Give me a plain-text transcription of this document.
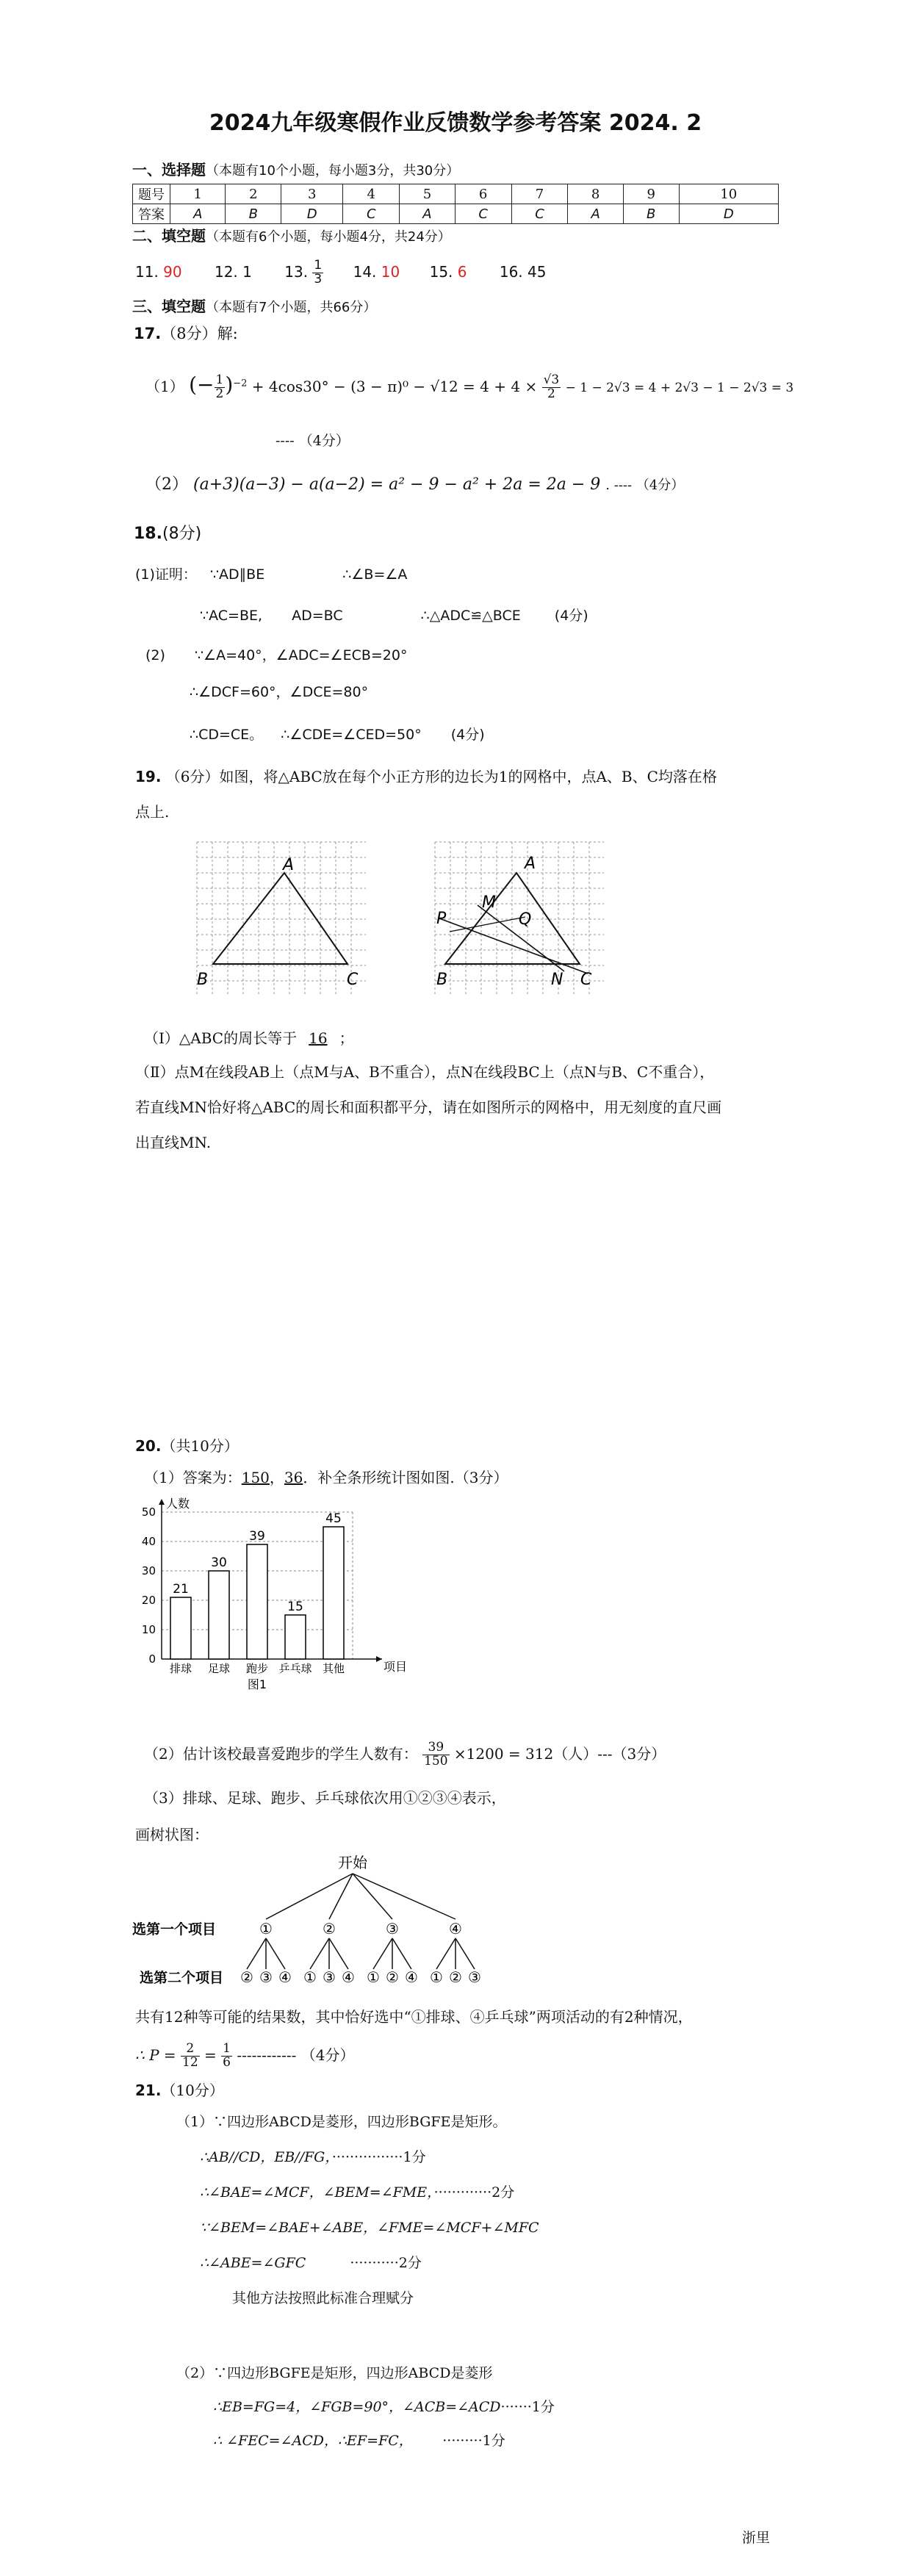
2024九年级寒假作业反馈数学参考答案 2024. 2
一、选择题（本题有10个小题，每小题3分，共30分）
题号	1	2	3	4	5	6	7	8	9	10
答案	A	B	D	C	A	C	C	A	B	D
二、填空题（本题有6个小题，每小题4分，共24分）
11. 90 12. 1 13. $\frac{1}{3} 14$. 10 15. 6 16. 45
三、填空题（本题有7个小题，共66分）
17.（8分）解:
（1） (− $\frac{1}{2} )^{-2} + 4\cos 30^\circ - (3 - \pi)^0 - √12 = 4 + 4 \times \frac{√3}{2} - 1 - 2√3 = 4 + 2√3 - 1 - 2√3 = 3$
---- （4分）
（2） (a+3)(a−3) − a(a−2) = a² − 9 − a² + 2a = 2a − 9 . ---- （4分）
18.(8分)
(1)证明： ∵AD∥BE	∴∠B=∠A
∵AC=BE, AD=BC	∴△ADC≌△BCE (4分)
(2) ∵∠A=40°，∠ADC=∠ECB=20°
∴∠DCF=60°，∠DCE=80°
∴CD=CE。 ∴∠CDE=∠CED=50° (4分)
19. （6分）如图，将△ABC放在每个小正方形的边长为1的网格中，点A、B、C均落在格
点上.
A
B	C
A
B	C
M
N
P	Q
（Ⅰ）△ABC的周长等于 16 ；
（Ⅱ）点M在线段AB上（点M与A、B不重合），点N在线段BC上（点N与B、C不重合），
若直线MN恰好将△ABC的周长和面积都平分，请在如图所示的网格中，用无刻度的直尺画
出直线MN.
20.（共10分）
（1）答案为：150，36．补全条形统计图如图.（3分）
0
10
20
30
40
50
人数
项目
21
排球
30
足球
39
跑步
15
乒乓球
45
其他
图1
（2）估计该校最喜爱跑步的学生人数有： $\frac{39}{150} \times 1200 = 312$（人）---（3分）
（3）排球、足球、跑步、乒乓球依次用①②③④表示，
画树状图：
开始
选第一个项目
选第二个项目
①	②	③	④
② ③ ④ ① ③ ④ ① ② ④ ① ② ③
共有12种等可能的结果数，其中恰好选中“①排球、④乒乓球”两项活动的有2种情况，
∴ $P = \frac{2}{12} = \frac{1}{6}$ ------------ （4分）
21.（10分）
（1）∵四边形ABCD是菱形，四边形BGFE是矩形。
∴AB//CD，EB//FG，················1分
∴∠BAE=∠MCF，∠BEM=∠FME，·············2分
∵∠BEM=∠BAE+∠ABE，∠FME=∠MCF+∠MFC
∴∠ABE=∠GFC	···········2分
其他方法按照此标准合理赋分
（2）∵四边形BGFE是矩形，四边形ABCD是菱形
∴EB=FG=4，∠FGB=90°，∠ACB=∠ACD·······1分
∴ ∠FEC=∠ACD，∴EF=FC，	·········1分
浙里
